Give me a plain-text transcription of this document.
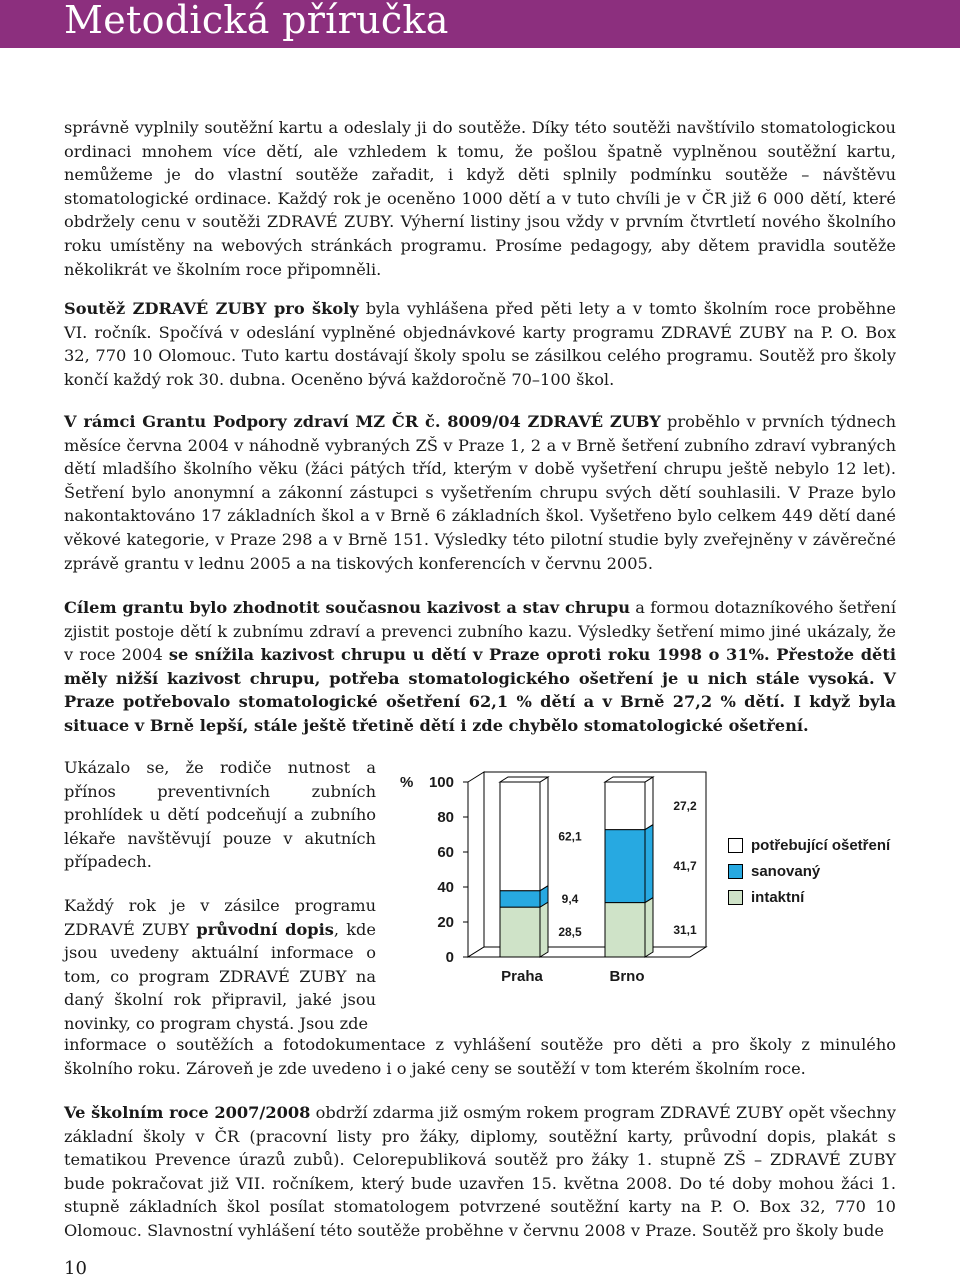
Metodická příručka

správně vyplnily soutěžní kartu a odeslaly ji do soutěže. Díky této soutěži navštívilo stomatologickou ordinaci mnohem více dětí, ale vzhledem k tomu, že pošlou špatně vyplněnou soutěžní kartu, nemůžeme je do vlastní soutěže zařadit, i když děti splnily podmínku soutěže – návštěvu stomatologické ordinace. Každý rok je oceněno 1000 dětí a v tuto chvíli je v ČR již 6 000 dětí, které obdržely cenu v soutěži ZDRAVÉ ZUBY. Výherní listiny jsou vždy v prvním čtvrtletí nového školního roku umístěny na webových stránkách programu. Prosíme pedagogy, aby dětem pravidla soutěže několikrát ve školním roce připomněli.

Soutěž ZDRAVÉ ZUBY pro školy byla vyhlášena před pěti lety a v tomto školním roce proběhne VI. ročník. Spočívá v odeslání vyplněné objednávkové karty programu ZDRAVÉ ZUBY na P. O. Box 32, 770 10 Olomouc. Tuto kartu dostávají školy spolu se zásilkou celého programu. Soutěž pro školy končí každý rok 30. dubna. Oceněno bývá každoročně 70–100 škol.

V rámci Grantu Podpory zdraví MZ ČR č. 8009/04 ZDRAVÉ ZUBY proběhlo v prvních týdnech měsíce června 2004 v náhodně vybraných ZŠ v Praze 1, 2 a v Brně šetření zubního zdraví vybraných dětí mladšího školního věku (žáci pátých tříd, kterým v době vyšetření chrupu ještě nebylo 12 let). Šetření bylo anonymní a zákonní zástupci s vyšetřením chrupu svých dětí souhlasili. V Praze bylo nakontaktováno 17 základních škol a v Brně 6 základních škol. Vyšetřeno bylo celkem 449 dětí dané věkové kategorie, v Praze 298 a v Brně 151. Výsledky této pilotní studie byly zveřejněny v závěrečné zprávě grantu v lednu 2005 a na tiskových konferencích v červnu 2005.

Cílem grantu bylo zhodnotit současnou kazivost a stav chrupu a formou dotazníkového šetření zjistit postoje dětí k zubnímu zdraví a prevenci zubního kazu. Výsledky šetření mimo jiné ukázaly, že v roce 2004 se snížila kazivost chrupu u dětí v Praze oproti roku 1998 o 31%. Přestože děti měly nižší kazivost chrupu, potřeba stomatologického ošetření je u nich stále vysoká. V Praze potřebovalo stomatologické ošetření 62,1 % dětí a v Brně 27,2 % dětí. I když byla situace v Brně lepší, stále ještě třetině dětí i zde chybělo stomatologické ošetření.

Ukázalo se, že rodiče nutnost a přínos preventivních zubních prohlídek u dětí podceňují a zubního lékaře navštěvují pouze v akutních případech.

Každý rok je v zásilce programu ZDRAVÉ ZUBY průvodní dopis, kde jsou uvedeny aktuální informace o tom, co program ZDRAVÉ ZUBY na daný školní rok připravil, jaké jsou novinky, co program chystá. Jsou zde

informace o soutěžích a fotodokumentace z vyhlášení soutěže pro děti a pro školy z minulého školního roku. Zároveň je zde uvedeno i o jaké ceny se soutěží v tom kterém školním roce.

Ve školním roce 2007/2008 obdrží zdarma již osmým rokem program ZDRAVÉ ZUBY opět všechny základní školy v ČR (pracovní listy pro žáky, diplomy, soutěžní karty, průvodní dopis, plakát s tematikou Prevence úrazů zubů). Celorepubliková soutěž pro žáky 1. stupně ZŠ – ZDRAVÉ ZUBY bude pokračovat již VII. ročníkem, který bude uzavřen 15. května 2008. Do té doby mohou žáci 1. stupně základních škol posílat stomatologem potvrzené soutěžní karty na P. O. Box 32, 770 10 Olomouc. Slavnostní vyhlášení této soutěže proběhne v červnu 2008 v Praze. Soutěž pro školy bude

10
0
20
40
60
80
100
%
Praha
28,5
9,4
62,1
Brno
31,1
41,7
27,2
potřebující ošetření
sanovaný
intaktní
